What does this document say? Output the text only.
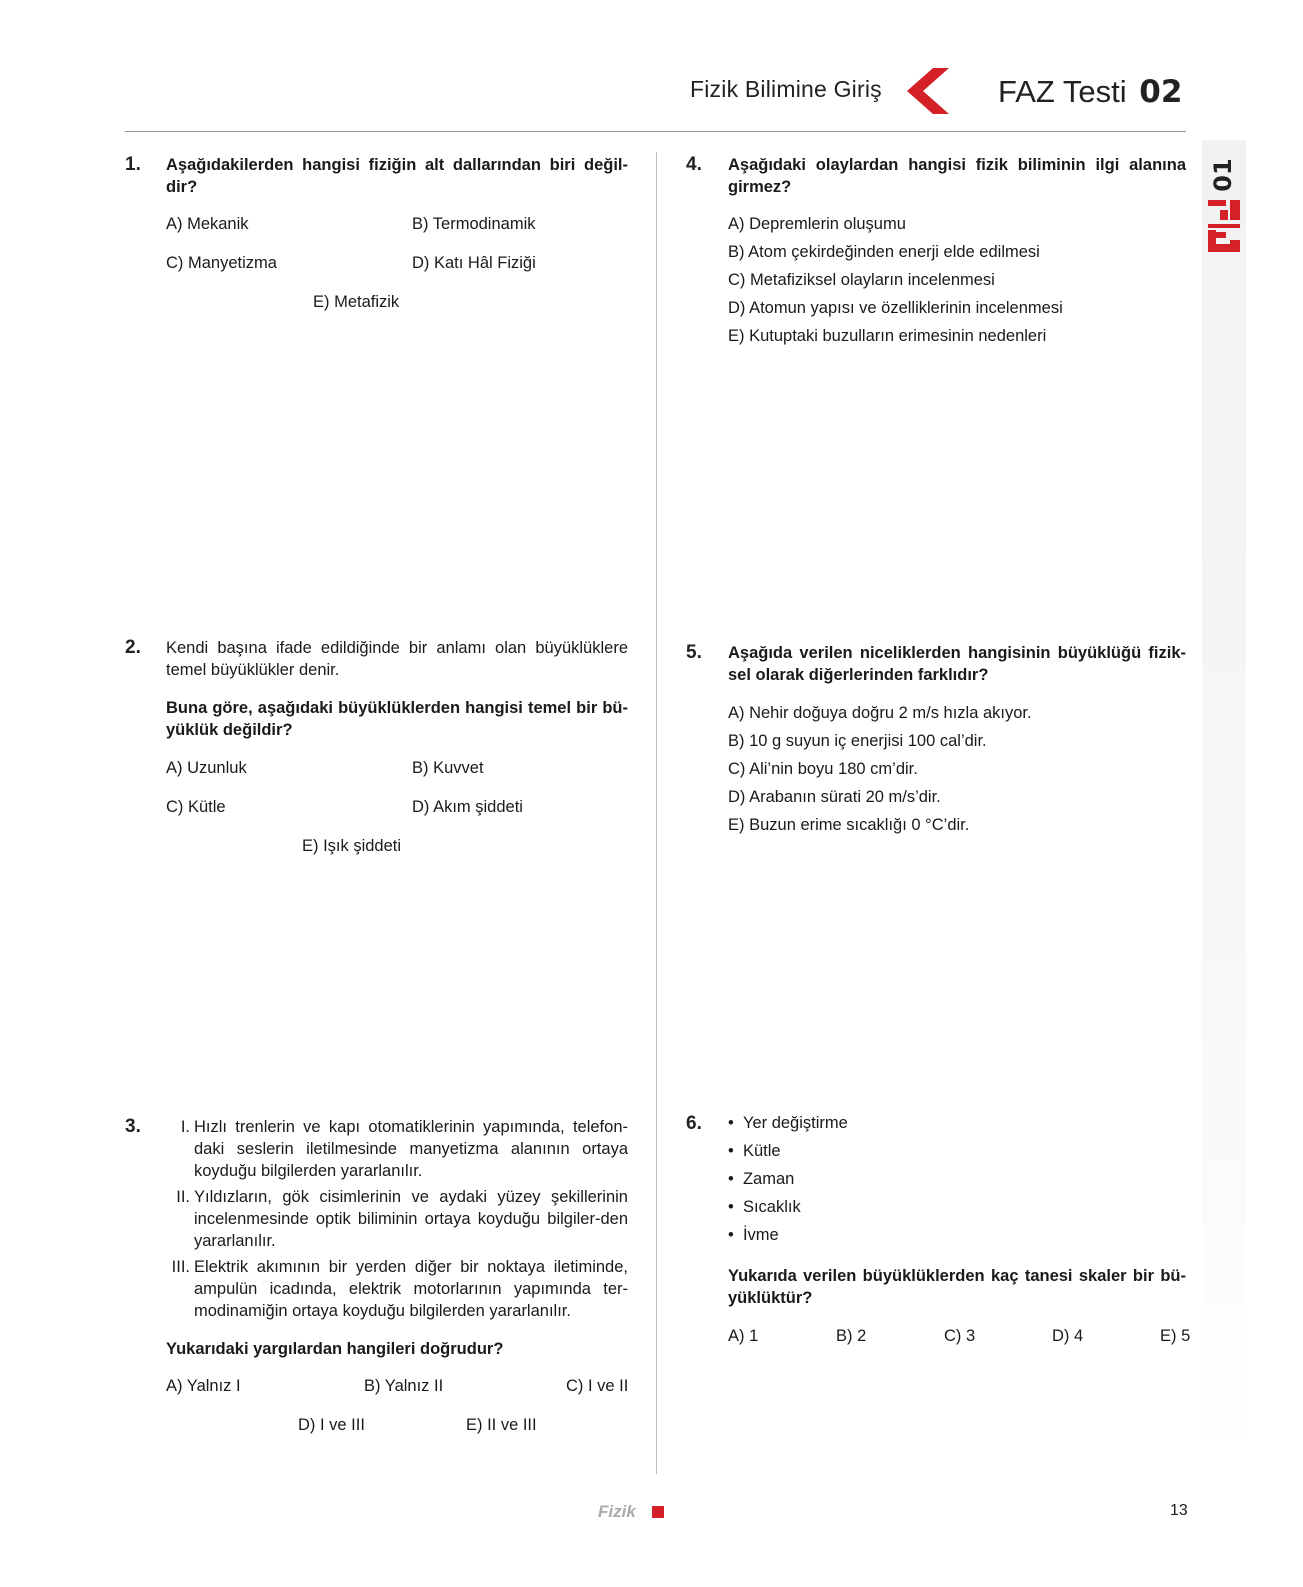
Fizik Bilimine Giriş	FAZ Testi 02
01
1. Aşağıdakilerden hangisi fiziğin alt dallarından biri değil-dir?
A) Mekanik	B) Termodinamik
C) Manyetizma	D) Katı Hâl Fiziği
E) Metafizik
2. Kendi başına ifade edildiğinde bir anlamı olan büyüklüklere temel büyüklükler denir.
Buna göre, aşağıdaki büyüklüklerden hangisi temel bir bü-yüklük değildir?
A) Uzunluk	B) Kuvvet
C) Kütle	D) Akım şiddeti
E) Işık şiddeti
3.	I. Hızlı trenlerin ve kapı otomatiklerinin yapımında, telefon-daki seslerin iletilmesinde manyetizma alanının ortaya koyduğu bilgilerden yararlanılır.
II. Yıldızların, gök cisimlerinin ve aydaki yüzey şekillerinin incelenmesinde optik biliminin ortaya koyduğu bilgiler-den yararlanılır.
III. Elektrik akımının bir yerden diğer bir noktaya iletiminde, ampulün icadında, elektrik motorlarının yapımında ter-modinamiğin ortaya koyduğu bilgilerden yararlanılır.
Yukarıdaki yargılardan hangileri doğrudur?
A) Yalnız I	B) Yalnız II	C) I ve II
D) I ve III	E) II ve III
4. Aşağıdaki olaylardan hangisi fizik biliminin ilgi alanına girmez?
A) Depremlerin oluşumu
B) Atom çekirdeğinden enerji elde edilmesi
C) Metafiziksel olayların incelenmesi
D) Atomun yapısı ve özelliklerinin incelenmesi
E) Kutuptaki buzulların erimesinin nedenleri
5. Aşağıda verilen niceliklerden hangisinin büyüklüğü fizik-sel olarak diğerlerinden farklıdır?
A) Nehir doğuya doğru 2 m/s hızla akıyor.
B) 10 g suyun iç enerjisi 100 cal’dir.
C) Ali’nin boyu 180 cm’dir.
D) Arabanın sürati 20 m/s’dir.
E) Buzun erime sıcaklığı 0 °C’dir.
6. •  Yer değiştirme
•  Kütle
•  Zaman
•  Sıcaklık
•  İvme
Yukarıda verilen büyüklüklerden kaç tanesi skaler bir bü-yüklüktür?
A) 1	B) 2	C) 3	D) 4	E) 5
Fizik	13
